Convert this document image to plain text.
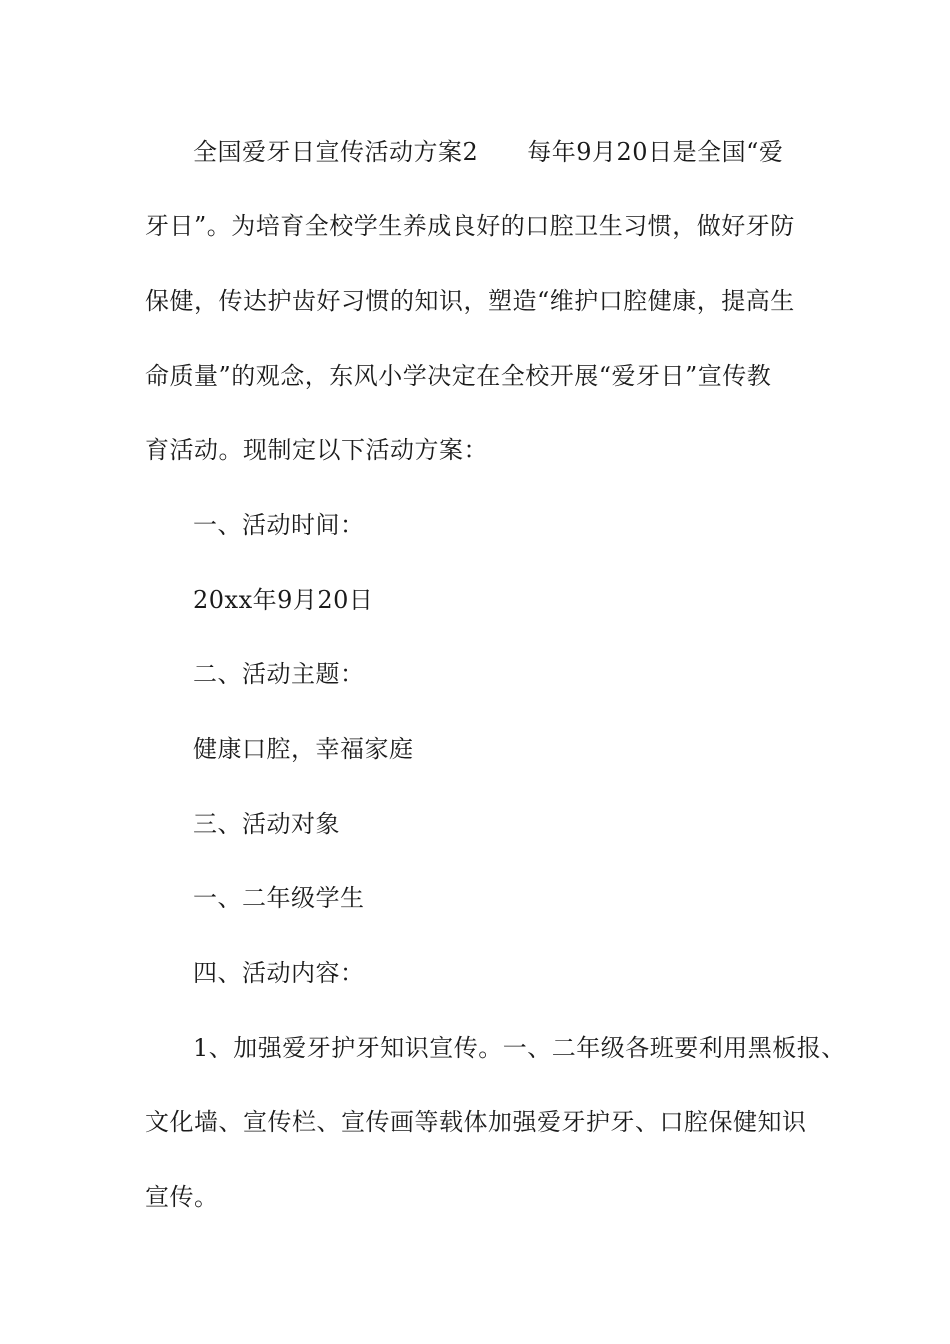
全国爱牙日宣传活动方案2　　每年9月20日是全国“爱
牙日”。为培育全校学生养成良好的口腔卫生习惯，做好牙防
保健，传达护齿好习惯的知识，塑造“维护口腔健康，提高生
命质量”的观念，东风小学决定在全校开展“爱牙日”宣传教
育活动。现制定以下活动方案：
一、活动时间：
20xx年9月20日
二、活动主题：
健康口腔，幸福家庭
三、活动对象
一、二年级学生
四、活动内容：
1、加强爱牙护牙知识宣传。一、二年级各班要利用黑板报、
文化墙、宣传栏、宣传画等载体加强爱牙护牙、口腔保健知识
宣传。
